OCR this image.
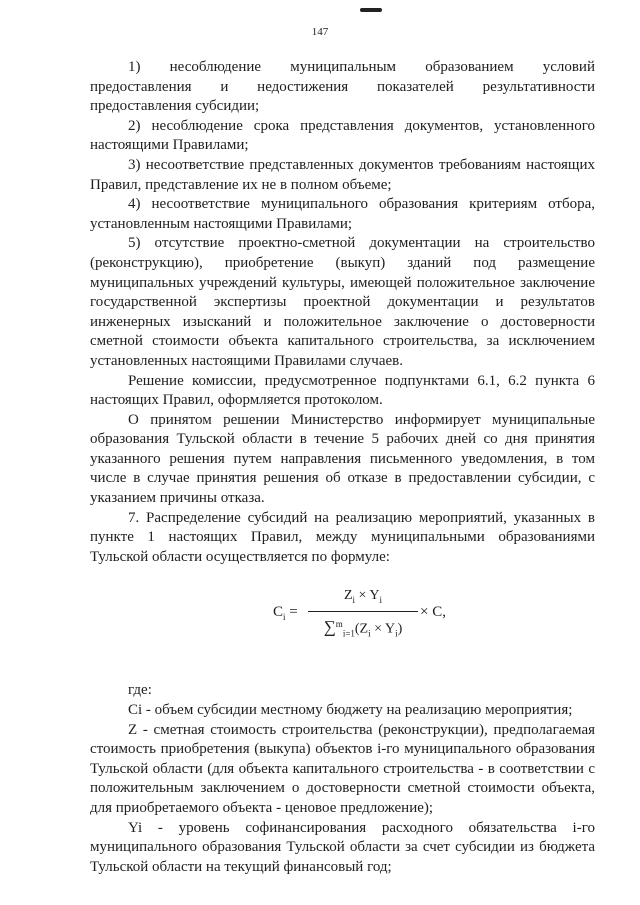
147

1) несоблюдение муниципальным образованием условий предоставления и недостижения показателей результативности предоставления субсидии;

2) несоблюдение срока представления документов, установленного настоящими Правилами;

3) несоответствие представленных документов требованиям настоящих Правил, представление их не в полном объеме;

4) несоответствие муниципального образования критериям отбора, установленным настоящими Правилами;

5) отсутствие проектно-сметной документации на строительство (реконструкцию), приобретение (выкуп) зданий под размещение муниципальных учреждений культуры, имеющей положительное заключение государственной экспертизы проектной документации и результатов инженерных изысканий и положительное заключение о достоверности сметной стоимости объекта капитального строительства, за исключением установленных настоящими Правилами случаев.

Решение комиссии, предусмотренное подпунктами 6.1, 6.2 пункта 6 настоящих Правил, оформляется протоколом.

О принятом решении Министерство информирует муниципальные образования Тульской области в течение 5 рабочих дней со дня принятия указанного решения путем направления письменного уведомления, в том числе в случае принятия решения об отказе в предоставлении субсидии, с указанием причины отказа.

7. Распределение субсидий на реализацию мероприятий, указанных в пункте 1 настоящих Правил, между муниципальными образованиями Тульской области осуществляется по формуле:

$C_i$ =
$Z_i \times Y_i$
$\sum^m_{i=1}(Z_i \times Y_i)$
× C,

где:

Ci - объем субсидии местному бюджету на реализацию мероприятия;

Z - сметная стоимость строительства (реконструкции), предполагаемая стоимость приобретения (выкупа) объектов i-го муниципального образования Тульской области (для объекта капитального строительства - в соответствии с положительным заключением о достоверности сметной стоимости объекта, для приобретаемого объекта - ценовое предложение);

Yi - уровень софинансирования расходного обязательства i-го муниципального образования Тульской области за счет субсидии из бюджета Тульской области на текущий финансовый год;
